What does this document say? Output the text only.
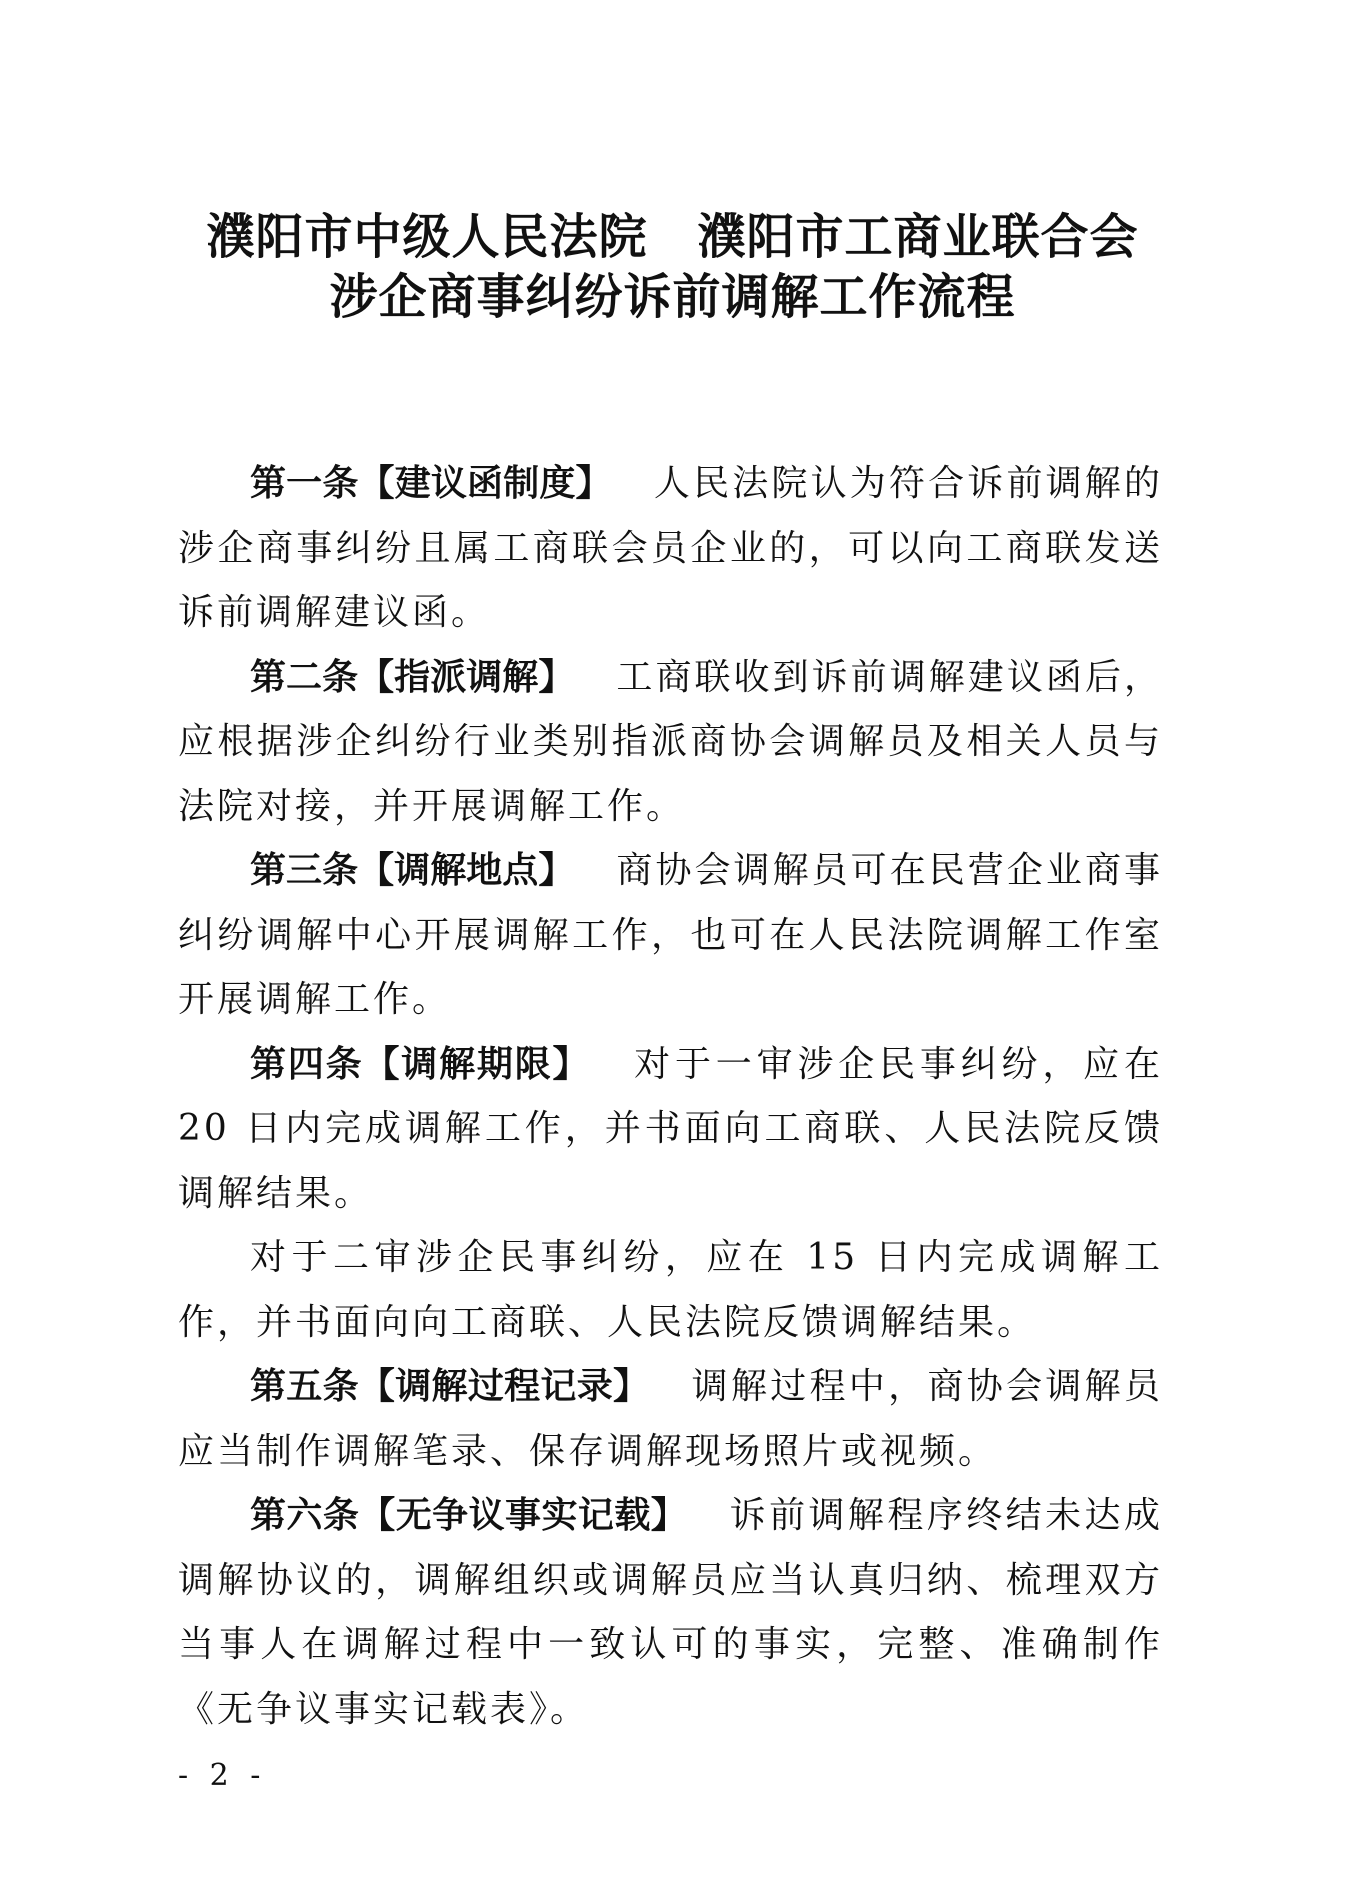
濮阳市中级人民法院 濮阳市工商业联合会
涉企商事纠纷诉前调解工作流程

第一条【建议函制度】 人民法院认为符合诉前调解的涉企商事纠纷且属工商联会员企业的，可以向工商联发送诉前调解建议函。

第二条【指派调解】 工商联收到诉前调解建议函后，应根据涉企纠纷行业类别指派商协会调解员及相关人员与法院对接，并开展调解工作。

第三条【调解地点】 商协会调解员可在民营企业商事纠纷调解中心开展调解工作，也可在人民法院调解工作室开展调解工作。

第四条【调解期限】 对于一审涉企民事纠纷，应在 20 日内完成调解工作，并书面向工商联、人民法院反馈调解结果。

对于二审涉企民事纠纷，应在 15 日内完成调解工作，并书面向向工商联、人民法院反馈调解结果。

第五条【调解过程记录】 调解过程中，商协会调解员应当制作调解笔录、保存调解现场照片或视频。

第六条【无争议事实记载】 诉前调解程序终结未达成调解协议的，调解组织或调解员应当认真归纳、梳理双方当事人在调解过程中一致认可的事实，完整、准确制作《无争议事实记载表》。

- 2 -
